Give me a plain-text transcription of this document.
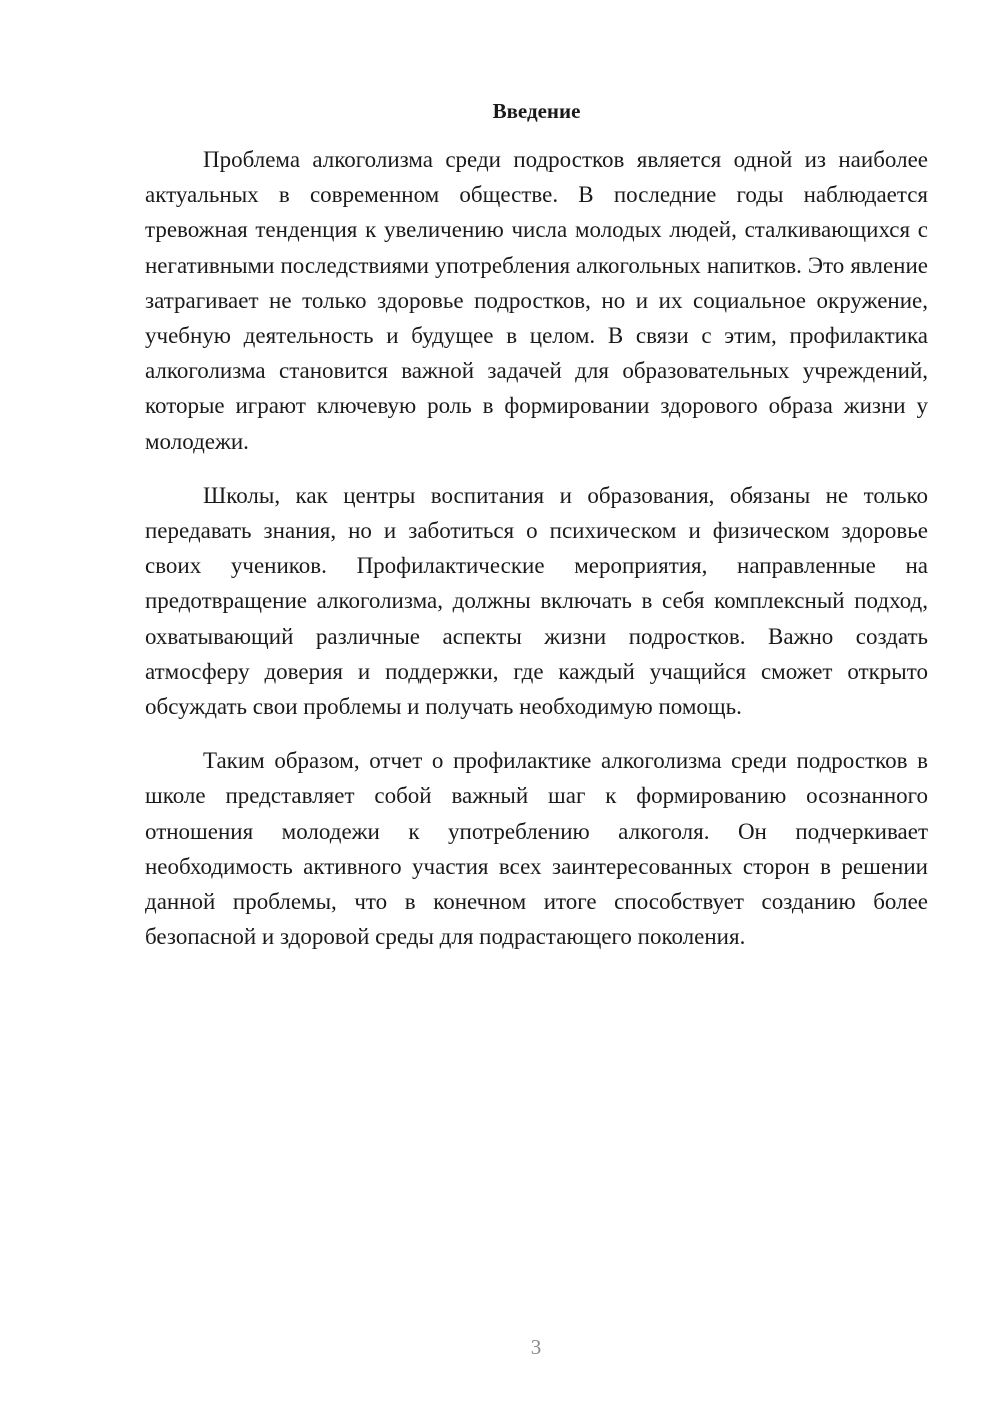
Введение

Проблема алкоголизма среди подростков является одной из наиболее актуальных в современном обществе. В последние годы наблюдается тревожная тенденция к увеличению числа молодых людей, сталкивающихся с негативными последствиями употребления алкогольных напитков. Это явление затрагивает не только здоровье подростков, но и их социальное окружение, учебную деятельность и будущее в целом. В связи с этим, профилактика алкоголизма становится важной задачей для образовательных учреждений, которые играют ключевую роль в формировании здорового образа жизни у молодежи.

Школы, как центры воспитания и образования, обязаны не только передавать знания, но и заботиться о психическом и физическом здоровье своих учеников. Профилактические мероприятия, направленные на предотвращение алкоголизма, должны включать в себя комплексный подход, охватывающий различные аспекты жизни подростков. Важно создать атмосферу доверия и поддержки, где каждый учащийся сможет открыто обсуждать свои проблемы и получать необходимую помощь.

Таким образом, отчет о профилактике алкоголизма среди подростков в школе представляет собой важный шаг к формированию осознанного отношения молодежи к употреблению алкоголя. Он подчеркивает необходимость активного участия всех заинтересованных сторон в решении данной проблемы, что в конечном итоге способствует созданию более безопасной и здоровой среды для подрастающего поколения.

3
